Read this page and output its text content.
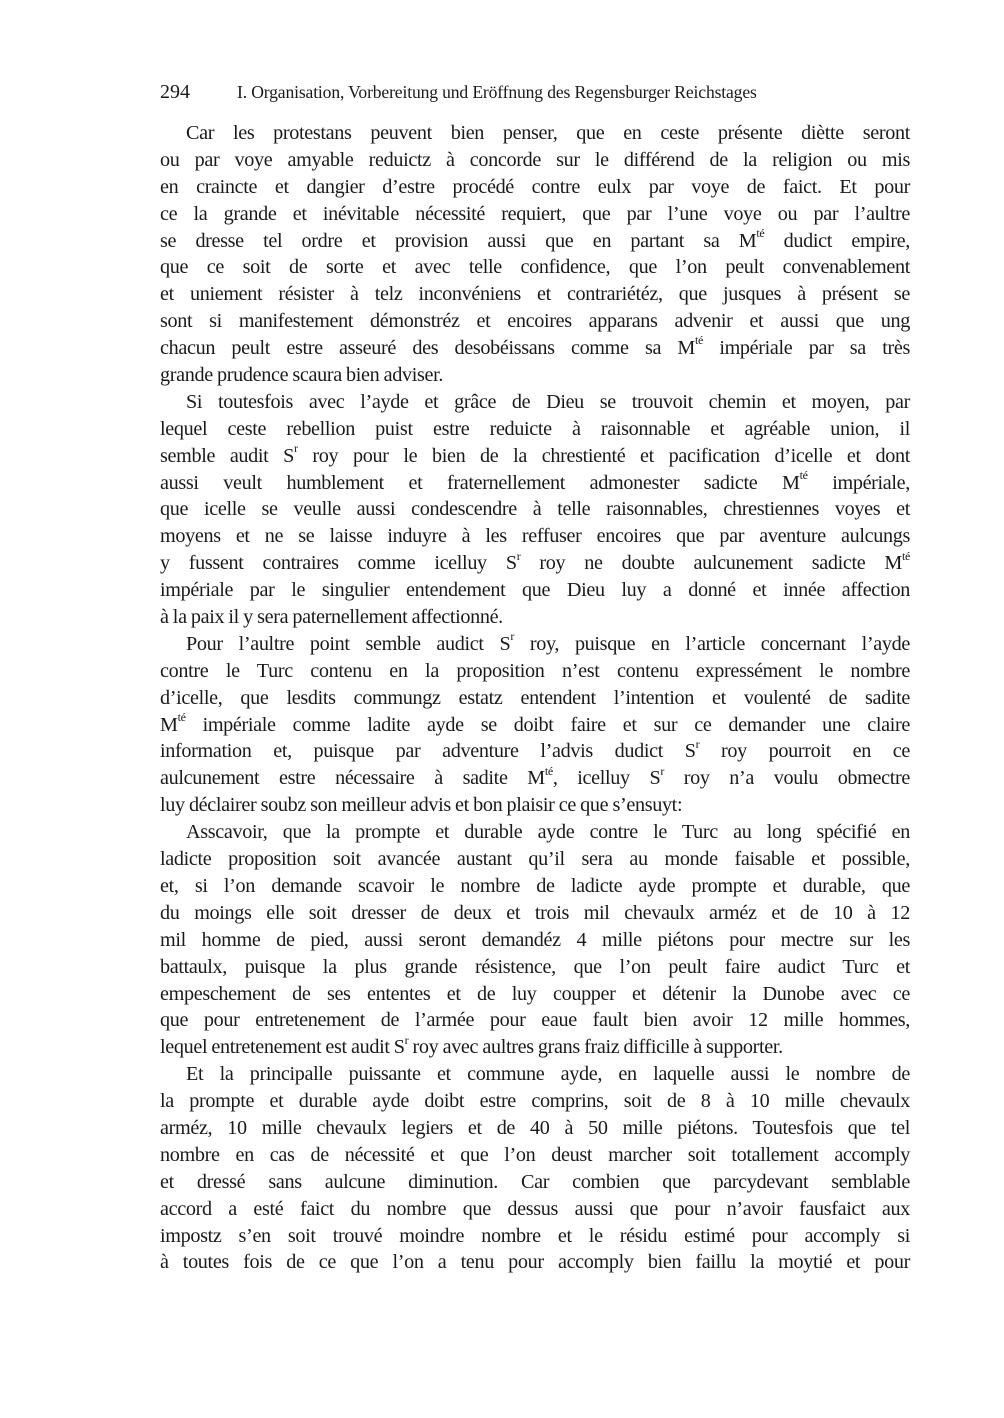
294	I. Organisation, Vorbereitung und Eröffnung des Regensburger Reichstages
Car les protestans peuvent bien penser, que en ceste présente diètte seront
ou par voye amyable reduictz à concorde sur le différend de la religion ou mis
en craincte et dangier d’estre procédé contre eulx par voye de faict. Et pour
ce la grande et inévitable nécessité requiert, que par l’une voye ou par l’aultre
se dresse tel ordre et provision aussi que en partant sa $M^{té}$ dudict empire,
que ce soit de sorte et avec telle confidence, que l’on peult convenablement
et uniement résister à telz inconvéniens et contrariétéz, que jusques à présent se
sont si manifestement démonstréz et encoires apparans advenir et aussi que ung
chacun peult estre asseuré des desobéissans comme sa $M^{té}$ impériale par sa très
grande prudence scaura bien adviser.
Si toutesfois avec l’ayde et grâce de Dieu se trouvoit chemin et moyen, par
lequel ceste rebellion puist estre reduicte à raisonnable et agréable union, il
semble audit $S^r$ roy pour le bien de la chrestienté et pacification d’icelle et dont
aussi veult humblement et fraternellement admonester sadicte $M^{té}$ impériale,
que icelle se veulle aussi condescendre à telle raisonnables, chrestiennes voyes et
moyens et ne se laisse induyre à les reffuser encoires que par aventure aulcungs
y fussent contraires comme icelluy $S^r$ roy ne doubte aulcunement sadicte $M^{té}$
impériale par le singulier entendement que Dieu luy a donné et innée affection
à la paix il y sera paternellement affectionné.
Pour l’aultre point semble audict $S^r$ roy, puisque en l’article concernant l’ayde
contre le Turc contenu en la proposition n’est contenu expressément le nombre
d’icelle, que lesdits commungz estatz entendent l’intention et voulenté de sadite
$M^{té}$ impériale comme ladite ayde se doibt faire et sur ce demander une claire
information et, puisque par adventure l’advis dudict $S^r$ roy pourroit en ce
aulcunement estre nécessaire à sadite $M^{té}$, icelluy $S^r$ roy n’a voulu obmectre
luy déclairer soubz son meilleur advis et bon plaisir ce que s’ensuyt:
Asscavoir, que la prompte et durable ayde contre le Turc au long spécifié en
ladicte proposition soit avancée austant qu’il sera au monde faisable et possible,
et, si l’on demande scavoir le nombre de ladicte ayde prompte et durable, que
du moings elle soit dresser de deux et trois mil chevaulx arméz et de 10 à 12
mil homme de pied, aussi seront demandéz 4 mille piétons pour mectre sur les
battaulx, puisque la plus grande résistence, que l’on peult faire audict Turc et
empeschement de ses ententes et de luy coupper et détenir la Dunobe avec ce
que pour entretenement de l’armée pour eaue fault bien avoir 12 mille hommes,
lequel entretenement est audit $S^r$ roy avec aultres grans fraiz difficille à supporter.
Et la principalle puissante et commune ayde, en laquelle aussi le nombre de
la prompte et durable ayde doibt estre comprins, soit de 8 à 10 mille chevaulx
arméz, 10 mille chevaulx legiers et de 40 à 50 mille piétons. Toutesfois que tel
nombre en cas de nécessité et que l’on deust marcher soit totallement accomply
et dressé sans aulcune diminution. Car combien que parcydevant semblable
accord a esté faict du nombre que dessus aussi que pour n’avoir fausfaict aux
impostz s’en soit trouvé moindre nombre et le résidu estimé pour accomply si
à toutes fois de ce que l’on a tenu pour accomply bien faillu la moytié et pour
